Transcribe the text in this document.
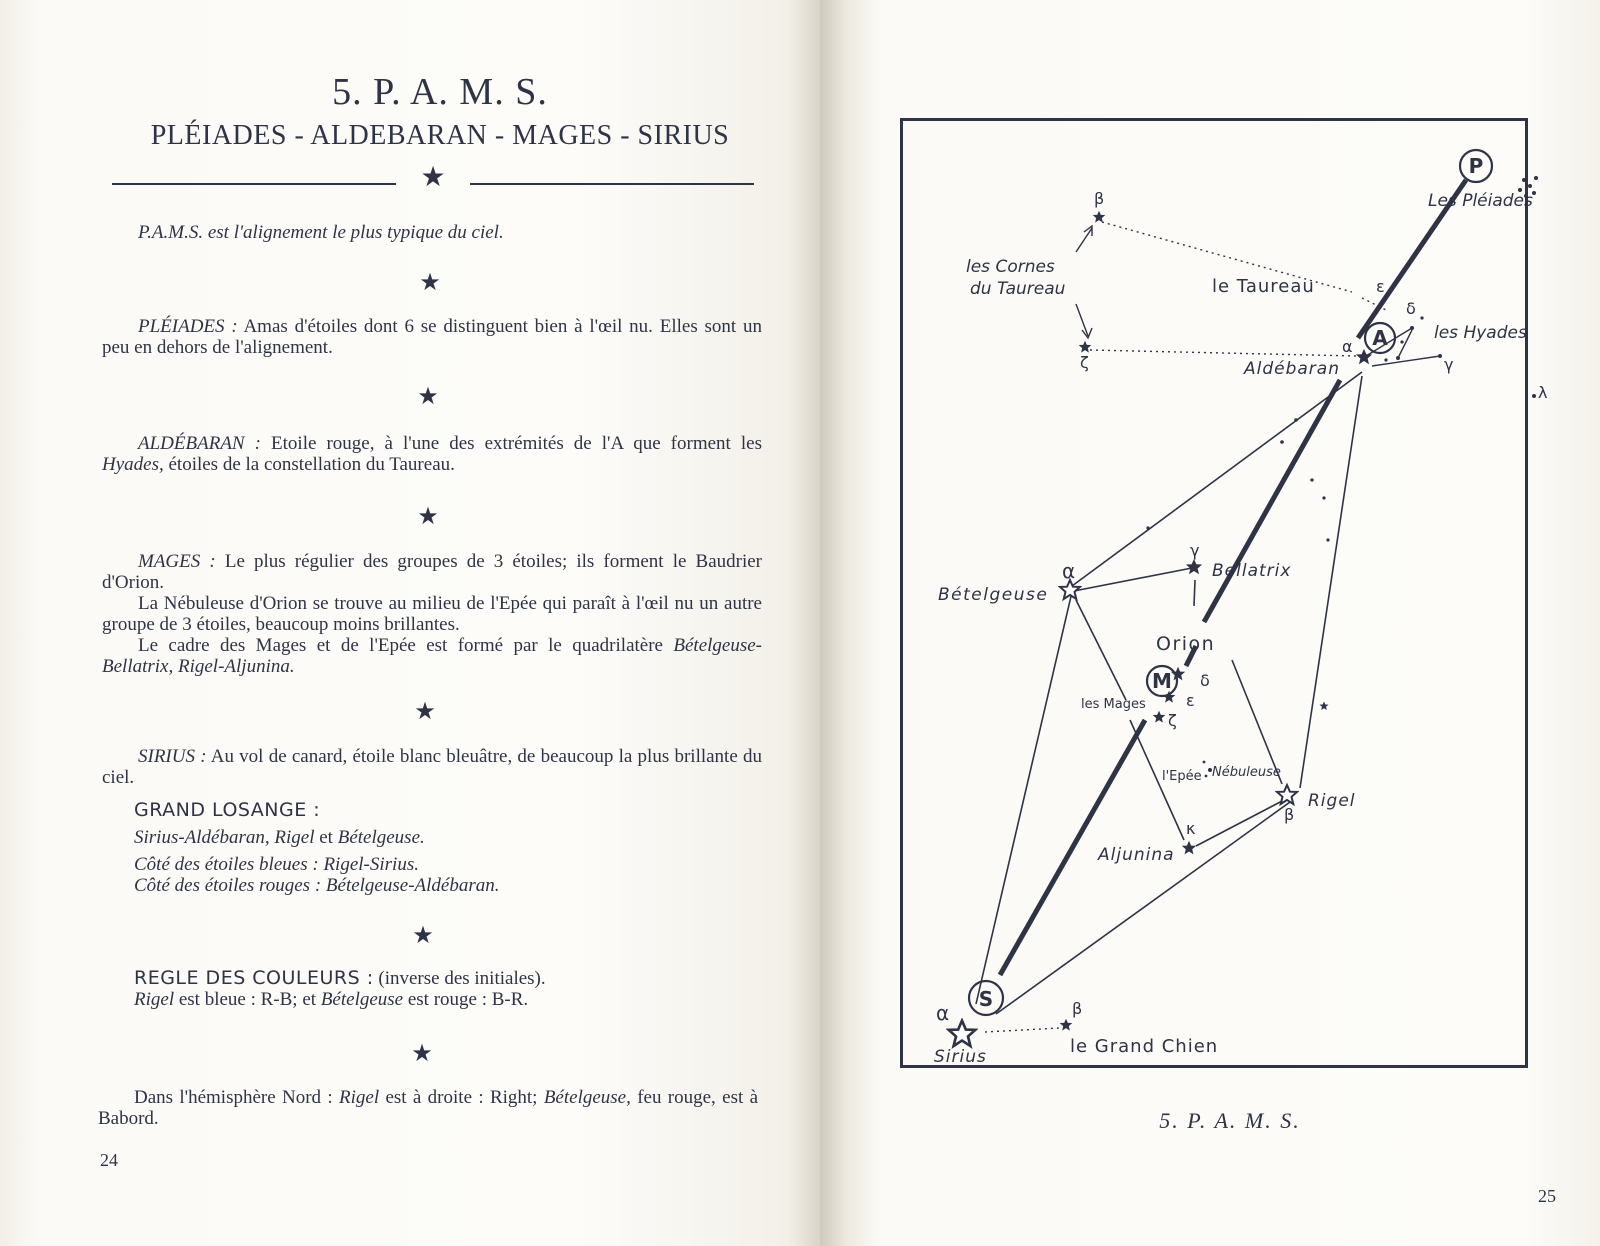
5. P. A. M. S.
PLÉIADES - ALDEBARAN - MAGES - SIRIUS
★

P.A.M.S. est l'alignement le plus typique du ciel.

★

PLÉIADES : Amas d'étoiles dont 6 se distinguent bien à l'œil nu. Elles sont un peu en dehors de l'alignement.

★

ALDÉBARAN : Etoile rouge, à l'une des extrémités de l'A que forment les Hyades, étoiles de la constellation du Taureau.

★

MAGES : Le plus régulier des groupes de 3 étoiles; ils forment le Baudrier d'Orion.

La Nébuleuse d'Orion se trouve au milieu de l'Epée qui paraît à l'œil nu un autre groupe de 3 étoiles, beaucoup moins brillantes.

Le cadre des Mages et de l'Epée est formé par le quadrilatère Bételgeuse-Bellatrix, Rigel-Aljunina.

★

SIRIUS : Au vol de canard, étoile blanc bleuâtre, de beaucoup la plus brillante du ciel.

GRAND LOSANGE :

Sirius-Aldébaran, Rigel et Bételgeuse.

Côté des étoiles bleues : Rigel-Sirius.

Côté des étoiles rouges : Bételgeuse-Aldébaran.

★

REGLE DES COULEURS : (inverse des initiales).

Rigel est bleue : R-B; et Bételgeuse est rouge : B-R.

★

Dans l'hémisphère Nord : Rigel est à droite : Right; Bételgeuse, feu rouge, est à Babord.

24
P
A
M
S
Les Pléiades
les Cornes
du Taureau
les Hyades
Aldébaran
Bételgeuse
Bellatrix
Rigel
Aljunina
Sirius
Nébuleuse
le Taureau
Orion
le Grand Chien
les Mages
l'Epée
β
ζ
ε
δ
α
γ
λ
α
γ
δ
ε
ζ
β
κ
α	β
5. P. A. M. S.
25
